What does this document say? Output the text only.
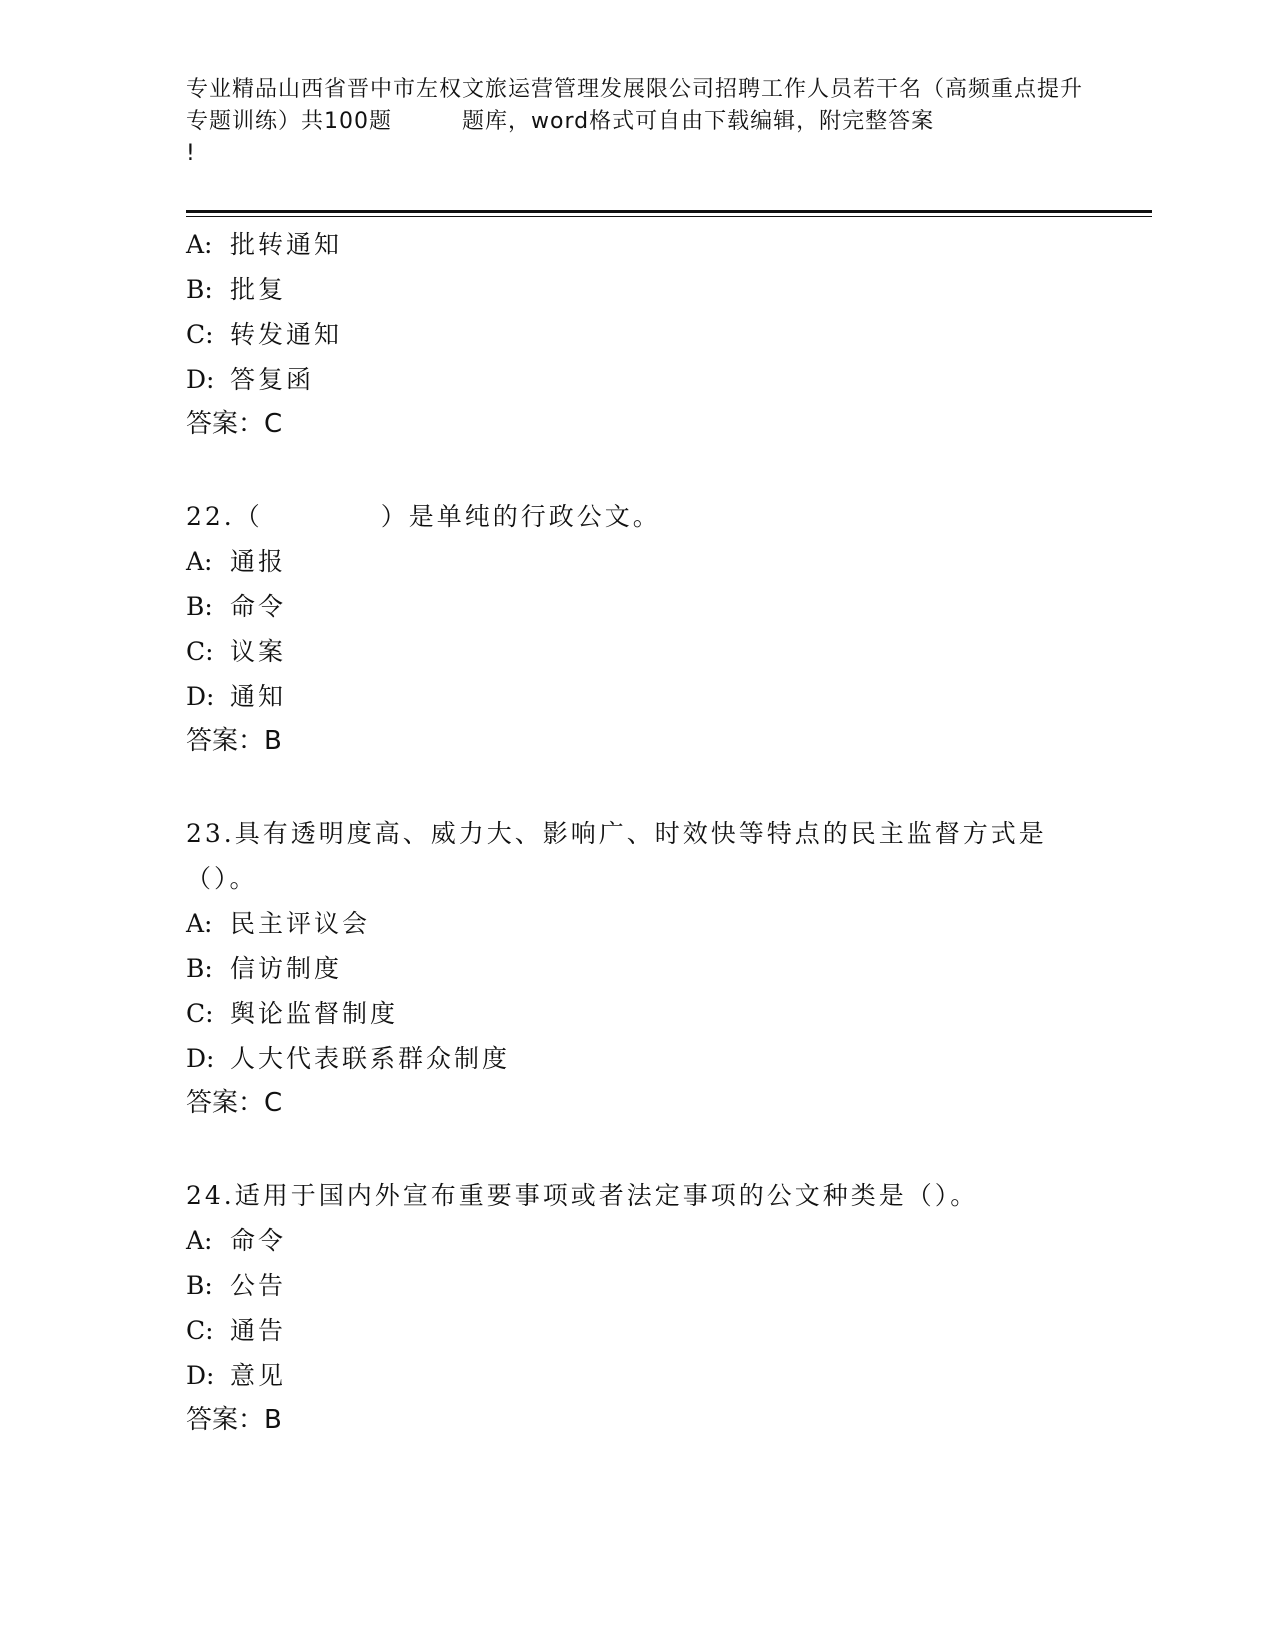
专业精品山西省晋中市左权文旅运营管理发展限公司招聘工作人员若干名（高频重点提升专题训练）共100题	题库，word格式可自由下载编辑，附完整答案
!
A: 批转通知
B: 批复
C: 转发通知
D: 答复函
答案：C

22.（	）是单纯的行政公文。

A: 通报
B: 命令
C: 议案
D: 通知
答案：B

23.具有透明度高、威力大、影响广、时效快等特点的民主监督方式是（）。

A: 民主评议会
B: 信访制度
C: 舆论监督制度
D: 人大代表联系群众制度
答案：C

24.适用于国内外宣布重要事项或者法定事项的公文种类是（）。

A: 命令
B: 公告
C: 通告
D: 意见
答案：B
